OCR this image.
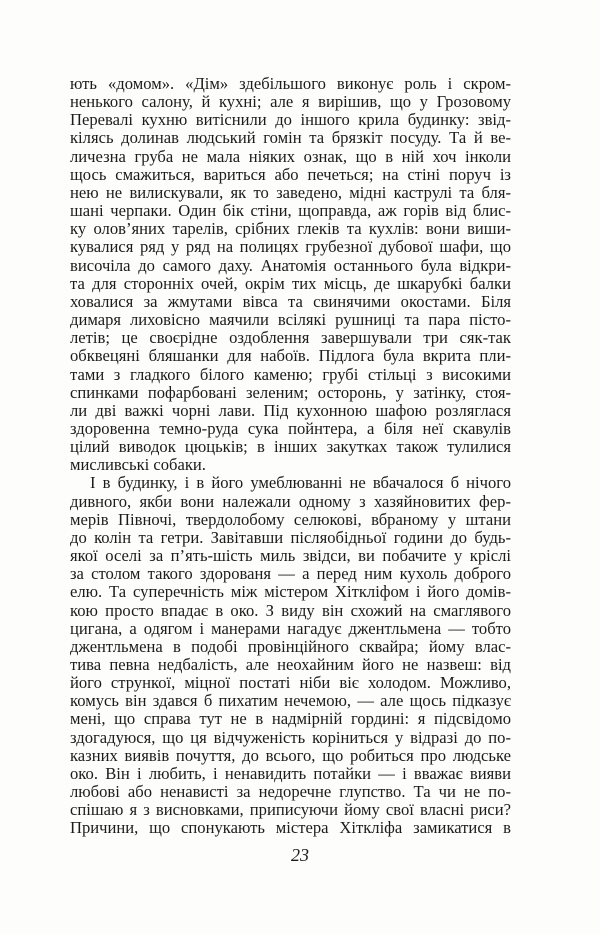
ють «домом». «Дім» здебільшого виконує роль і скром-
ненького салону, й кухні; але я вирішив, що у Грозовому
Перевалі кухню витіснили до іншого крила будинку: звід-
кілясь долинав людський гомін та брязкіт посуду. Та й ве-
личезна груба не мала ніяких ознак, що в ній хоч інколи
щось смажиться, вариться або печеться; на стіні поруч із
нею не вилискували, як то заведено, мідні каструлі та бля-
шані черпаки. Один бік стіни, щоправда, аж горів від блис-
ку олов’яних тарелів, срібних глеків та кухлів: вони виши-
кувалися ряд у ряд на полицях грубезної дубової шафи, що
височіла до самого даху. Анатомія останнього була відкри-
та для сторонніх очей, окрім тих місць, де шкарубкі балки
ховалися за жмутами вівса та свинячими окостами. Біля
димаря лиховісно маячили всілякі рушниці та пара пісто-
летів; це своєрідне оздоблення завершували три сяк-так
обквецяні бляшанки для набоїв. Підлога була вкрита пли-
тами з гладкого білого каменю; грубі стільці з високими
спинками пофарбовані зеленим; осторонь, у затінку, стоя-
ли дві важкі чорні лави. Під кухонною шафою розляглася
здоровенна темно-руда сука пойнтера, а біля неї скавулів
цілий виводок цюцьків; в інших закутках також тулилися
мисливські собаки.
І в будинку, і в його умеблюванні не вбачалося б нічого
дивного, якби вони належали одному з хазяйновитих фер-
мерів Півночі, твердолобому селюкові, вбраному у штани
до колін та гетри. Завітавши післяобідньої години до будь-
якої оселі за п’ять-шість миль звідси, ви побачите у кріслі
за столом такого здорованя — а перед ним кухоль доброго
елю. Та суперечність між містером Хіткліфом і його домів-
кою просто впадає в око. З виду він схожий на смаглявого
цигана, а одягом і манерами нагадує джентльмена — тобто
джентльмена в подобі провінційного сквайра; йому влас-
тива певна недбалість, але неохайним його не назвеш: від
його стрункої, міцної постаті ніби віє холодом. Можливо,
комусь він здався б пихатим нечемою, — але щось підказує
мені, що справа тут не в надмірній гордині: я підсвідомо
здогадуюся, що ця відчуженість коріниться у відразі до по-
казних виявів почуття, до всього, що робиться про людське
око. Він і любить, і ненавидить потайки — і вважає вияви
любові або ненависті за недоречне глупство. Та чи не по-
спішаю я з висновками, приписуючи йому свої власні риси?
Причини, що спонукають містера Хіткліфа замикатися в
23
